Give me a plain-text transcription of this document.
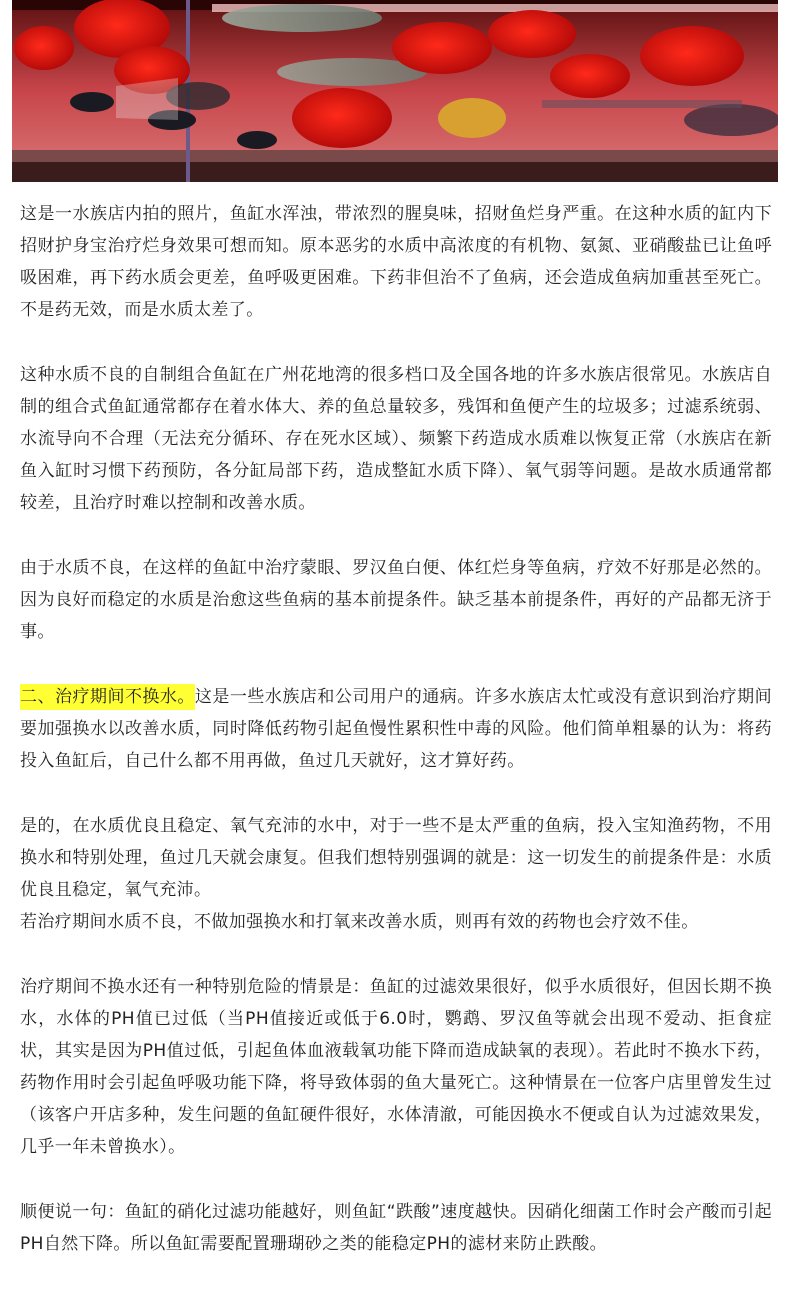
这是一水族店内拍的照片，鱼缸水浑浊，带浓烈的腥臭味，招财鱼烂身严重。在这种水质的缸内下招财护身宝治疗烂身效果可想而知。原本恶劣的水质中高浓度的有机物、氨氮、亚硝酸盐已让鱼呼吸困难，再下药水质会更差，鱼呼吸更困难。下药非但治不了鱼病，还会造成鱼病加重甚至死亡。不是药无效，而是水质太差了。

这种水质不良的自制组合鱼缸在广州花地湾的很多档口及全国各地的许多水族店很常见。水族店自制的组合式鱼缸通常都存在着水体大、养的鱼总量较多，残饵和鱼便产生的垃圾多；过滤系统弱、水流导向不合理（无法充分循环、存在死水区域）、频繁下药造成水质难以恢复正常（水族店在新鱼入缸时习惯下药预防，各分缸局部下药，造成整缸水质下降）、氧气弱等问题。是故水质通常都较差，且治疗时难以控制和改善水质。

由于水质不良，在这样的鱼缸中治疗蒙眼、罗汉鱼白便、体红烂身等鱼病，疗效不好那是必然的。因为良好而稳定的水质是治愈这些鱼病的基本前提条件。缺乏基本前提条件，再好的产品都无济于事。

二、治疗期间不换水。这是一些水族店和公司用户的通病。许多水族店太忙或没有意识到治疗期间要加强换水以改善水质，同时降低药物引起鱼慢性累积性中毒的风险。他们简单粗暴的认为：将药投入鱼缸后，自己什么都不用再做，鱼过几天就好，这才算好药。

是的，在水质优良且稳定、氧气充沛的水中，对于一些不是太严重的鱼病，投入宝知渔药物，不用换水和特别处理，鱼过几天就会康复。但我们想特别强调的就是：这一切发生的前提条件是：水质优良且稳定，氧气充沛。

若治疗期间水质不良，不做加强换水和打氧来改善水质，则再有效的药物也会疗效不佳。

治疗期间不换水还有一种特别危险的情景是：鱼缸的过滤效果很好，似乎水质很好，但因长期不换水，水体的PH值已过低（当PH值接近或低于6.0时，鹦鹉、罗汉鱼等就会出现不爱动、拒食症状，其实是因为PH值过低，引起鱼体血液载氧功能下降而造成缺氧的表现）。若此时不换水下药，药物作用时会引起鱼呼吸功能下降，将导致体弱的鱼大量死亡。这种情景在一位客户店里曾发生过（该客户开店多种，发生问题的鱼缸硬件很好，水体清澈，可能因换水不便或自认为过滤效果发，几乎一年未曾换水）。

顺便说一句：鱼缸的硝化过滤功能越好，则鱼缸“跌酸”速度越快。因硝化细菌工作时会产酸而引起PH自然下降。所以鱼缸需要配置珊瑚砂之类的能稳定PH的滤材来防止跌酸。
